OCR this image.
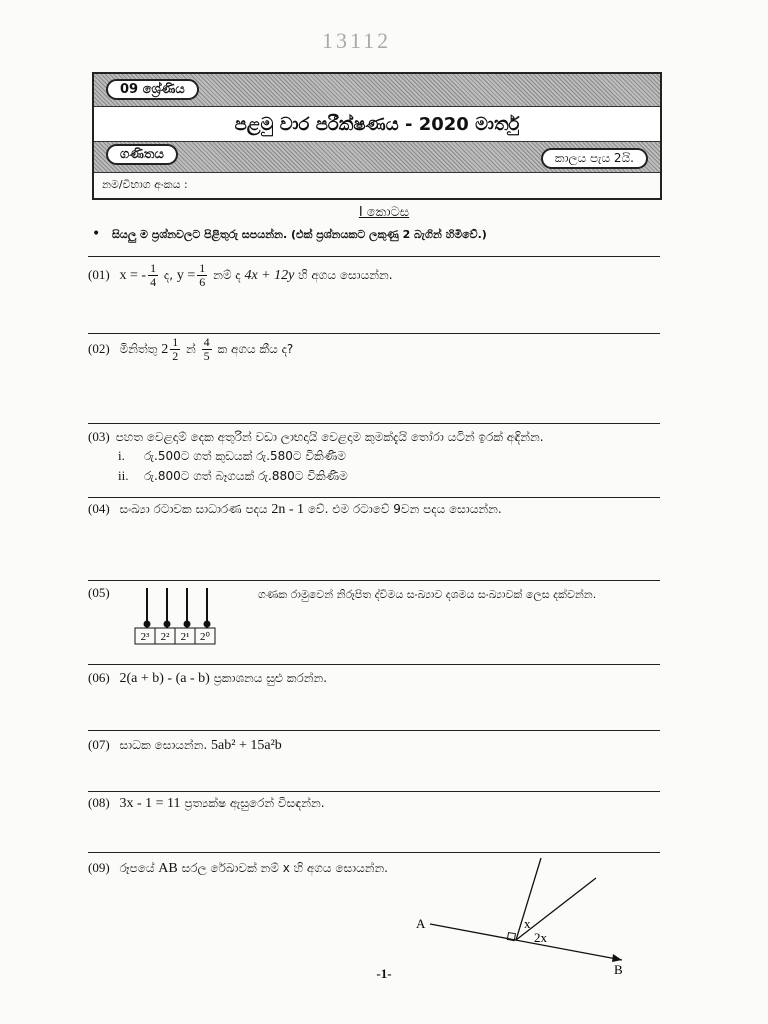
13112
09 ශ්‍රේණිය
පළමු වාර පරීක්ෂණය - 2020 මාර්තු
ගණිතය	කාලය පැය 2යි.
නම/විභාග අංකය :
I කොටස
• සියලු ම ප්‍රශ්නවලට පිළිතුරු සපයන්න. (එක් ප්‍රශ්නයකට ලකුණු 2 බැගින් හිමිවේ.)
(01) x = - $\frac{1}{4}$ ද, $y = \frac{1}{6}$ නම් ද 4x + 12y හි අගය සොයන්න.
(02) මිනිත්තු $2 \frac{1}{2}$ න් $\frac{4}{5}$ ක අගය කීය ද?
(03) පහත වෙළදාම් දෙක අතුරින් වඩා ලාභදායි වෙළදාම කුමක්දැයි තෝරා යටින් ඉරක් අඳින්න.
i. රු.500ට ගත් කුඩයක් රු.580ට විකිණීම
ii. රු.800ට ගත් බෑගයක් රු.880ට විකිණීම
(04) සංඛ්‍යා රටාවක සාධාරණ පදය 2n - 1 වේ. එම රටාවේ 9වන පදය සොයන්න.
(05)	ගණක රාමුවෙන් නිරූපිත ද්විමය සංඛ්‍යාව දශමය සංඛ්‍යාවක් ලෙස දක්වන්න.
2³ 2² 2¹ 2⁰
(06) 2(a + b) - (a - b) ප්‍රකාශනය සුළු කරන්න.
(07) සාධක සොයන්න. 5ab² + 15a²b
(08) 3x - 1 = 11 ප්‍රත්‍යක්ෂ ඇසුරෙන් විසඳන්න.
(09) රූපයේ AB සරල රේඛාවක් නම් x හි අගය සොයන්න.
A
B
x
2x
-1-
